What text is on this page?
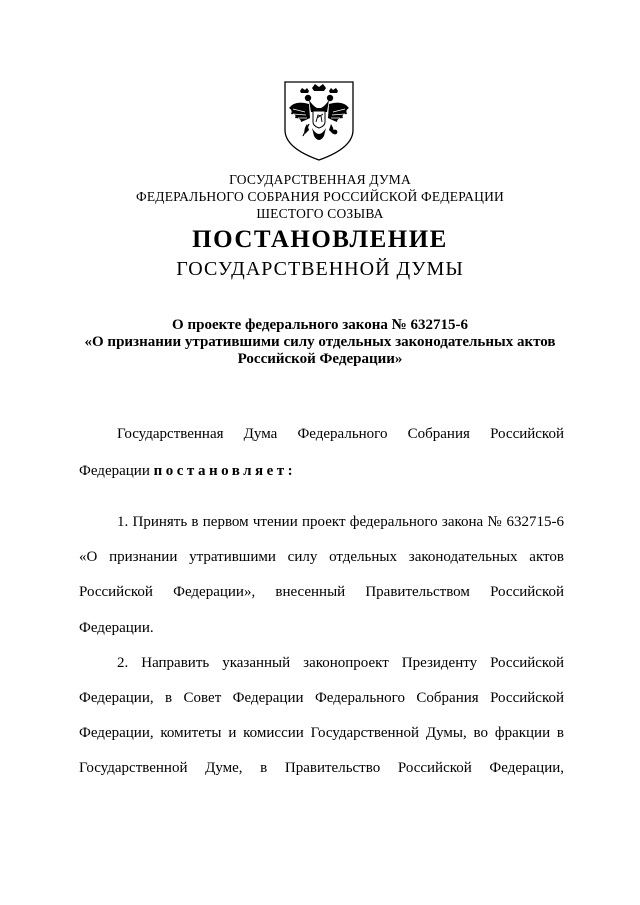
ГОСУДАРСТВЕННАЯ ДУМА
ФЕДЕРАЛЬНОГО СОБРАНИЯ РОССИЙСКОЙ ФЕДЕРАЦИИ
ШЕСТОГО СОЗЫВА
ПОСТАНОВЛЕНИЕ
ГОСУДАРСТВЕННОЙ ДУМЫ
О проекте федерального закона № 632715-6
«О признании утратившими силу отдельных законодательных актов
Российской Федерации»
Государственная Дума Федерального Собрания Российской
Федерации постановляет:
1. Принять в первом чтении проект федерального закона № 632715-6
«О признании утратившими силу отдельных законодательных актов
Российской Федерации», внесенный Правительством Российской
Федерации.
2. Направить указанный законопроект Президенту Российской
Федерации, в Совет Федерации Федерального Собрания Российской
Федерации, комитеты и комиссии Государственной Думы, во фракции в
Государственной Думе, в Правительство Российской Федерации,
